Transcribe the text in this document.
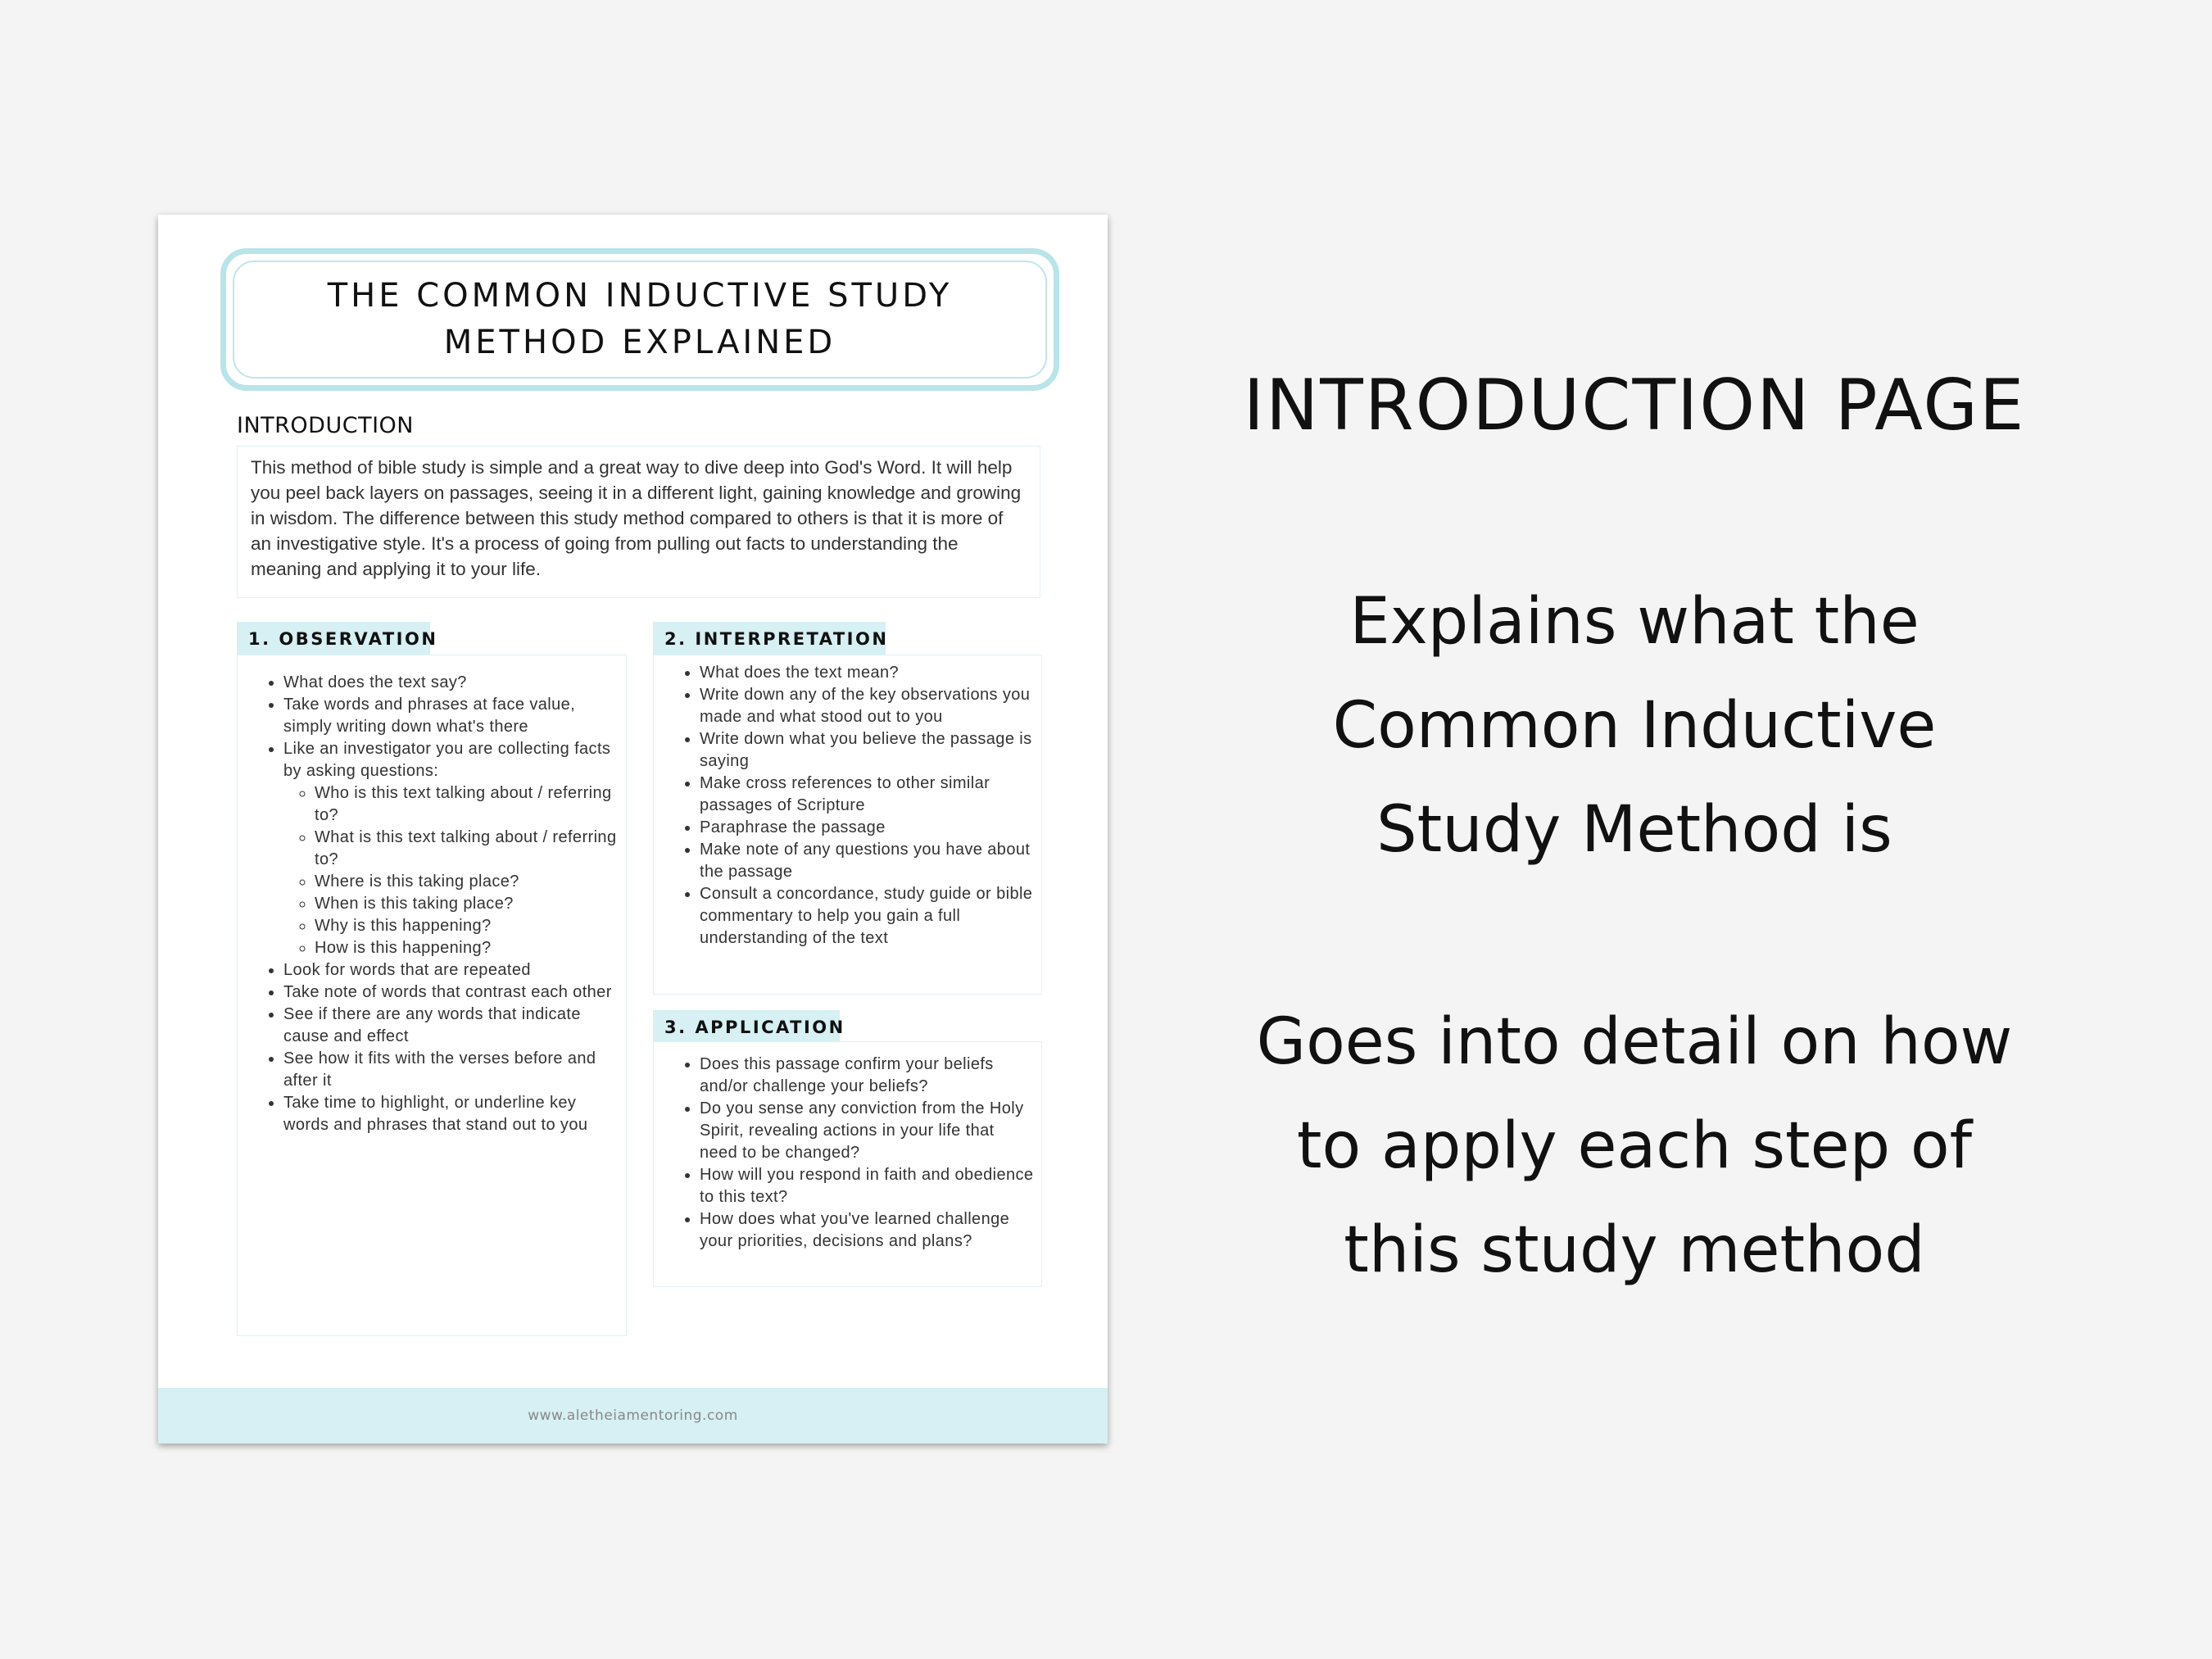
THE COMMON INDUCTIVE STUDY
METHOD EXPLAINED
INTRODUCTION
This method of bible study is simple and a great way to dive deep into God's Word. It will help you peel back layers on passages, seeing it in a different light, gaining knowledge and growing in wisdom. The difference between this study method compared to others is that it is more of an investigative style. It's a process of going from pulling out facts to understanding the meaning and applying it to your life.
1. OBSERVATION
• What does the text say?
• Take words and phrases at face value, simply writing down what's there
• Like an investigator you are collecting facts by asking questions:
◦ Who is this text talking about / referring to?
◦ What is this text talking about / referring to?
◦ Where is this taking place?
◦ When is this taking place?
◦ Why is this happening?
◦ How is this happening?
• Look for words that are repeated
• Take note of words that contrast each other
• See if there are any words that indicate cause and effect
• See how it fits with the verses before and after it
• Take time to highlight, or underline key words and phrases that stand out to you
2. INTERPRETATION
• What does the text mean?
• Write down any of the key observations you made and what stood out to you
• Write down what you believe the passage is saying
• Make cross references to other similar passages of Scripture
• Paraphrase the passage
• Make note of any questions you have about the passage
• Consult a concordance, study guide or bible commentary to help you gain a full understanding of the text
3. APPLICATION
• Does this passage confirm your beliefs and/or challenge your beliefs?
• Do you sense any conviction from the Holy Spirit, revealing actions in your life that need to be changed?
• How will you respond in faith and obedience to this text?
• How does what you've learned challenge your priorities, decisions and plans?
www.aletheiamentoring.com
INTRODUCTION PAGE
Explains what the
Common Inductive
Study Method is
Goes into detail on how
to apply each step of
this study method
